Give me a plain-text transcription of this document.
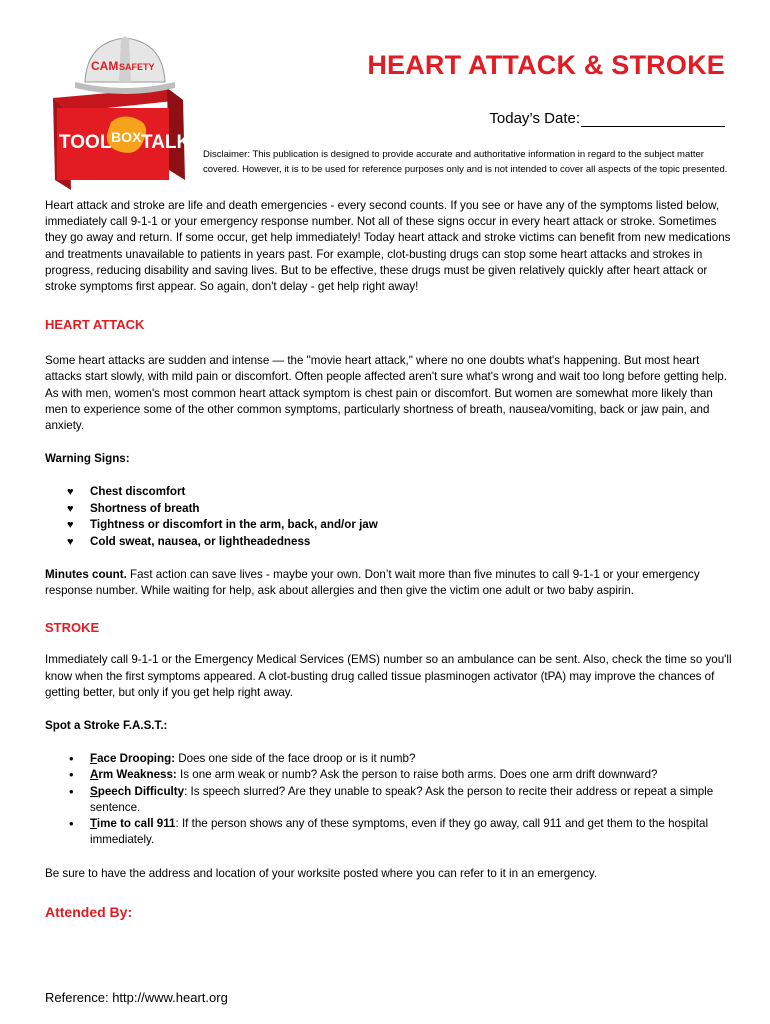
CAM SAFETY
TOOL BOX TALK
HEART ATTACK & STROKE
Today’s Date:

Disclaimer: This publication is designed to provide accurate and authoritative information in regard to the subject matter covered. However, it is to be used for reference purposes only and is not intended to cover all aspects of the topic presented.

Heart attack and stroke are life and death emergencies - every second counts. If you see or have any of the symptoms listed below, immediately call 9-1-1 or your emergency response number. Not all of these signs occur in every heart attack or stroke. Sometimes they go away and return. If some occur, get help immediately! Today heart attack and stroke victims can benefit from new medications and treatments unavailable to patients in years past. For example, clot-busting drugs can stop some heart attacks and strokes in progress, reducing disability and saving lives. But to be effective, these drugs must be given relatively quickly after heart attack or stroke symptoms first appear. So again, don't delay - get help right away!

HEART ATTACK

Some heart attacks are sudden and intense — the "movie heart attack," where no one doubts what's happening. But most heart attacks start slowly, with mild pain or discomfort. Often people affected aren't sure what's wrong and wait too long before getting help. As with men, women's most common heart attack symptom is chest pain or discomfort. But women are somewhat more likely than men to experience some of the other common symptoms, particularly shortness of breath, nausea/vomiting, back or jaw pain, and anxiety.

Warning Signs:
♥ Chest discomfort
♥ Shortness of breath
♥ Tightness or discomfort in the arm, back, and/or jaw
♥ Cold sweat, nausea, or lightheadedness

Minutes count. Fast action can save lives - maybe your own. Don’t wait more than five minutes to call 9-1-1 or your emergency response number. While waiting for help, ask about allergies and then give the victim one adult or two baby aspirin.

STROKE

Immediately call 9-1-1 or the Emergency Medical Services (EMS) number so an ambulance can be sent. Also, check the time so you'll know when the first symptoms appeared. A clot-busting drug called tissue plasminogen activator (tPA) may improve the chances of getting better, but only if you get help right away.

Spot a Stroke F.A.S.T.:
• Face Drooping: Does one side of the face droop or is it numb?
• Arm Weakness: Is one arm weak or numb? Ask the person to raise both arms. Does one arm drift downward?
• Speech Difficulty: Is speech slurred? Are they unable to speak? Ask the person to recite their address or repeat a simple sentence.
• Time to call 911: If the person shows any of these symptoms, even if they go away, call 911 and get them to the hospital immediately.

Be sure to have the address and location of your worksite posted where you can refer to it in an emergency.

Attended By:

Reference: http://www.heart.org
